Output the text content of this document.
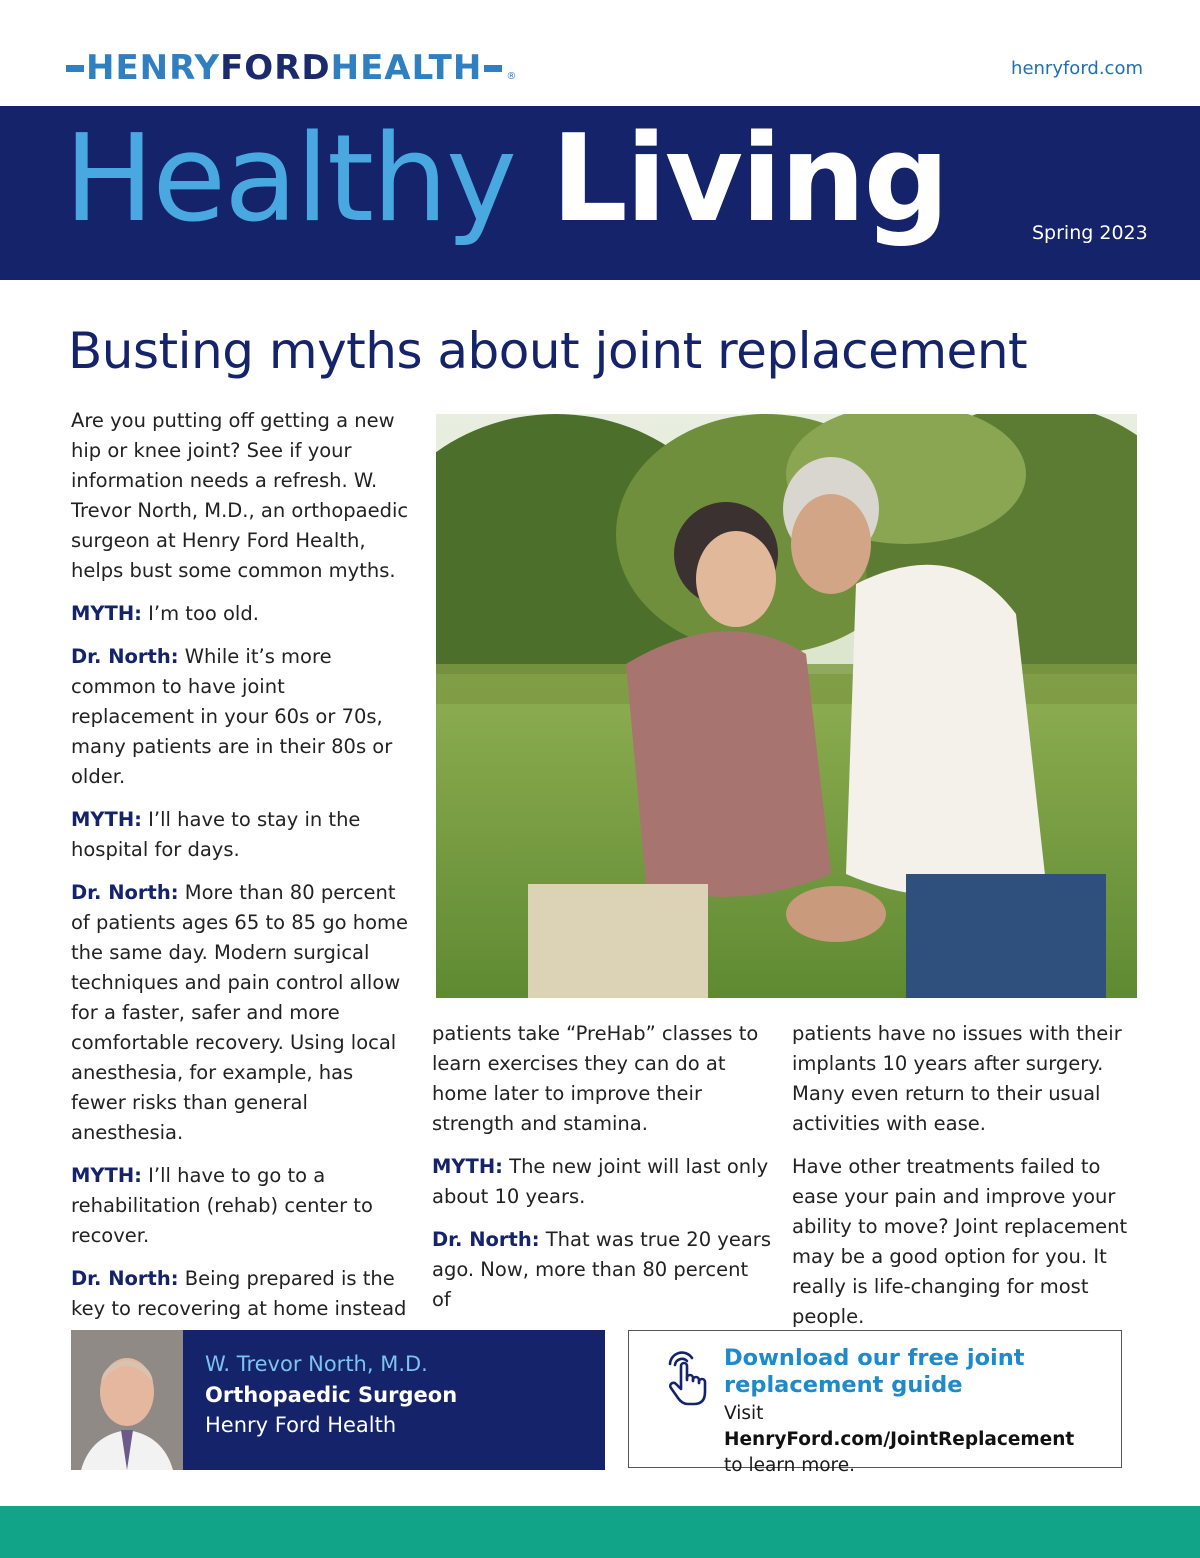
HENRY FORD HEALTH ®	henryford.com
Healthy Living	Spring 2023
Busting myths about joint replacement

Are you putting off getting a new hip or knee joint? See if your information needs a refresh. W. Trevor North, M.D., an orthopaedic surgeon at Henry Ford Health, helps bust some common myths.

MYTH: I’m too old.

Dr. North: While it’s more common to have joint replacement in your 60s or 70s, many patients are in their 80s or older.

MYTH: I’ll have to stay in the hospital for days.

Dr. North: More than 80 percent of patients ages 65 to 85 go home the same day. Modern surgical techniques and pain control allow for a faster, safer and more comfortable recovery. Using local anesthesia, for example, has fewer risks than general anesthesia.

MYTH: I’ll have to go to a rehabilitation (rehab) center to recover.

Dr. North: Being prepared is the key to recovering at home instead

patients take “PreHab” classes to learn exercises they can do at home later to improve their strength and stamina.

MYTH: The new joint will last only about 10 years.

Dr. North: That was true 20 years ago. Now, more than 80 percent of

patients have no issues with their implants 10 years after surgery. Many even return to their usual activities with ease.

Have other treatments failed to ease your pain and improve your ability to move? Joint replacement may be a good option for you. It really is life-changing for most people.

W. Trevor North, M.D.
Orthopaedic Surgeon
Henry Ford Health
Download our free joint replacement guide
Visit HenryFord.com/JointReplacement
to learn more.
